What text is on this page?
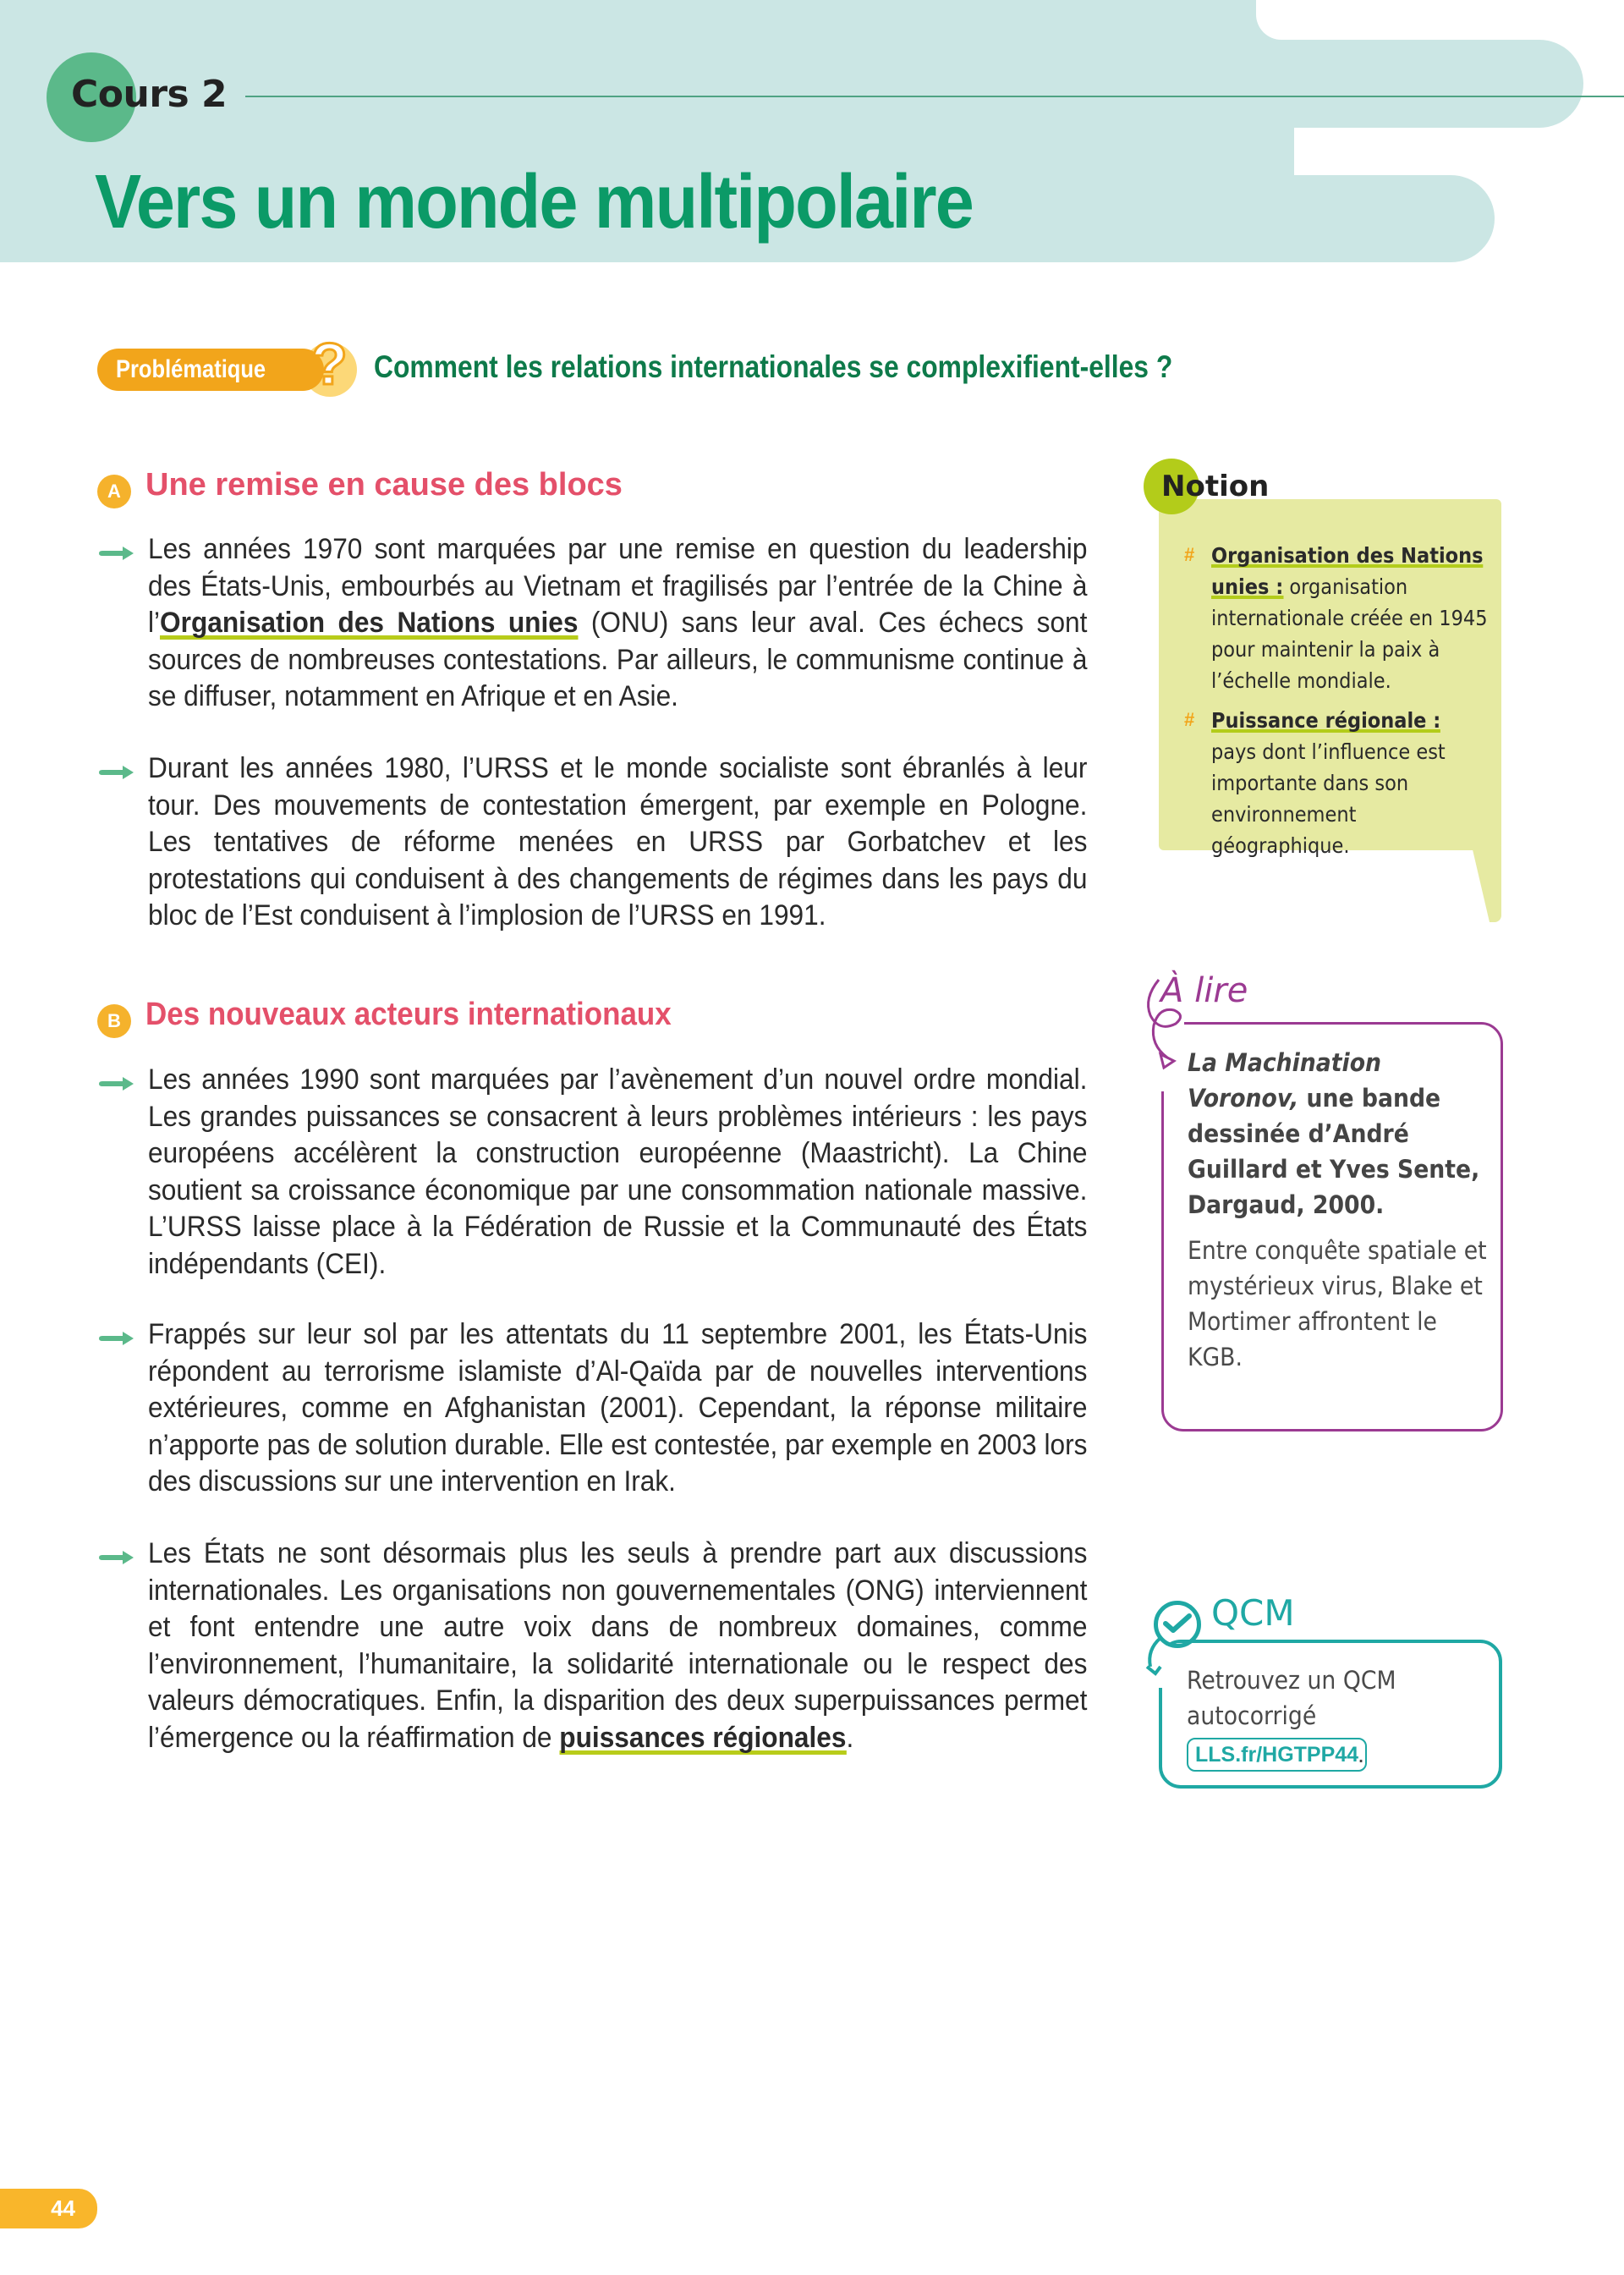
Cours 2
Vers un monde multipolaire
Problématique ? Comment les relations internationales se complexifient-elles ?
A Une remise en cause des blocs
Les années 1970 sont marquées par une remise en question du leadership des États-Unis, embourbés au Vietnam et fragilisés par l’entrée de la Chine à l’Organisation des Nations unies (ONU) sans leur aval. Ces échecs sont sources de nombreuses contestations. Par ailleurs, le communisme continue à se diffuser, notamment en Afrique et en Asie.
Durant les années 1980, l’URSS et le monde socialiste sont ébranlés à leur tour. Des mouvements de contestation émergent, par exemple en Pologne. Les tentatives de réforme menées en URSS par Gorbatchev et les protestations qui conduisent à des changements de régimes dans les pays du bloc de l’Est conduisent à l’implosion de l’URSS en 1991.
B Des nouveaux acteurs internationaux
Les années 1990 sont marquées par l’avènement d’un nouvel ordre mondial. Les grandes puissances se consacrent à leurs problèmes intérieurs : les pays européens accélèrent la construction européenne (Maastricht). La Chine soutient sa croissance économique par une consommation nationale massive. L’URSS laisse place à la Fédération de Russie et la Communauté des États indépendants (CEI).
Frappés sur leur sol par les attentats du 11 septembre 2001, les États-Unis répondent au terrorisme islamiste d’Al-Qaïda par de nouvelles interventions extérieures, comme en Afghanistan (2001). Cependant, la réponse militaire n’apporte pas de solution durable. Elle est contestée, par exemple en 2003 lors des discussions sur une intervention en Irak.
Les États ne sont désormais plus les seuls à prendre part aux discussions internationales. Les organisations non gouvernementales (ONG) interviennent et font entendre une autre voix dans de nombreux domaines, comme l’environnement, l’humanitaire, la solidarité internationale ou le respect des valeurs démocratiques. Enfin, la disparition des deux superpuissances permet l’émergence ou la réaffirmation de puissances régionales.
Notion
# Organisation des Nations unies : organisation internationale créée en 1945 pour maintenir la paix à l’échelle mondiale.
# Puissance régionale : pays dont l’influence est importante dans son environnement géographique.
À lire
La Machination Voronov, une bande dessinée d’André Guillard et Yves Sente, Dargaud, 2000.
Entre conquête spatiale et mystérieux virus, Blake et Mortimer affrontent le KGB.
QCM
Retrouvez un QCM autocorrigé
LLS.fr/HGTPP44
.
44
